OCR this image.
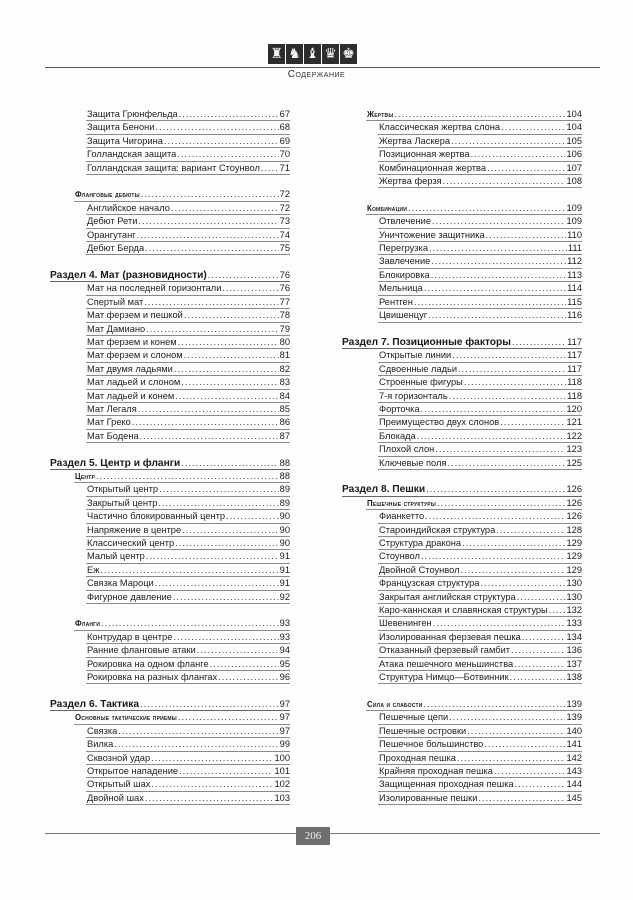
♜ ♞ ♝ ♛ ♚
Содержание
Защита Грюнфельда .....	67
Защита Бенони .....	68
Защита Чигорина .....	69
Голландская защита .....	70
Голландская защита: вариант Стоунвол ..... 71
Фланговые дебюты .....	72
Английское начало .....	72
Дебют Рети .....	73
Орангутанг .....	74
Дебют Берда .....	75
Раздел 4. Мат (разновидности) .....	76
Мат на последней горизонтали .....	76
Спертый мат .....	77
Мат ферзем и пешкой .....	78
Мат Дамиано .....	79
Мат ферзем и конем .....	80
Мат ферзем и слоном .....	81
Мат двумя ладьями .....	82
Мат ладьей и слоном .....	83
Мат ладьей и конем .....	84
Мат Легаля .....	85
Мат Греко .....	86
Мат Бодена .....	87
Раздел 5. Центр и фланги .....	88
Центр .....	88
Открытый центр .....	89
Закрытый центр .....	89
Частично блокированный центр .....	90
Напряжение в центре .....	90
Классический центр .....	90
Малый центр .....	91
Еж .....	91
Связка Мароци .....	91
Фигурное давление .....	92
Фланги .....	93
Контрудар в центре .....	93
Ранние фланговые атаки .....	94
Рокировка на одном фланге .....	95
Рокировка на разных флангах .....	96
Раздел 6. Тактика .....	97
Основные тактические приемы .....	97
Связка .....	97
Вилка .....	99
Сквозной удар .....	100
Открытое нападение .....	101
Открытый шах .....	102
Двойной шах .....	103
Жертвы .....	104
Классическая жертва слона .....	104
Жертва Ласкера .....	105
Позиционная жертва .....	106
Комбинационная жертва .....	107
Жертва ферзя .....	108
Комбинации .....	109
Отвлечение .....	109
Уничтожение защитника .....	110
Перегрузка .....	111
Завлечение .....	112
Блокировка .....	113
Мельница .....	114
Рентген .....	115
Цвишенцуг .....	116
Раздел 7. Позиционные факторы .....	117
Открытые линии .....	117
Сдвоенные ладьи .....	117
Строенные фигуры .....	118
7-я горизонталь .....	118
Форточка .....	120
Преимущество двух слонов .....	121
Блокада .....	122
Плохой слон .....	123
Ключевые поля .....	125
Раздел 8. Пешки .....	126
Пешечные структуры .....	126
Фианкетто .....	126
Староиндийская структура .....	128
Структура дракона .....	129
Стоунвол .....	129
Двойной Стоунвол .....	129
Французская структура .....	130
Закрытая английская структура .....	130
Каро-каннская и славянская структуры ..... 132
Шевенинген .....	133
Изолированная ферзевая пешка .....	134
Отказанный ферзевый гамбит .....	136
Атака пешечного меньшинства .....	137
Структура Нимцо—Ботвинник .....	138
Сила и слабости .....	139
Пешечные цепи .....	139
Пешечные островки .....	140
Пешечное большинство .....	141
Проходная пешка .....	142
Крайняя проходная пешка .....	143
Защищенная проходная пешка .....	144
Изолированные пешки .....	145
206
